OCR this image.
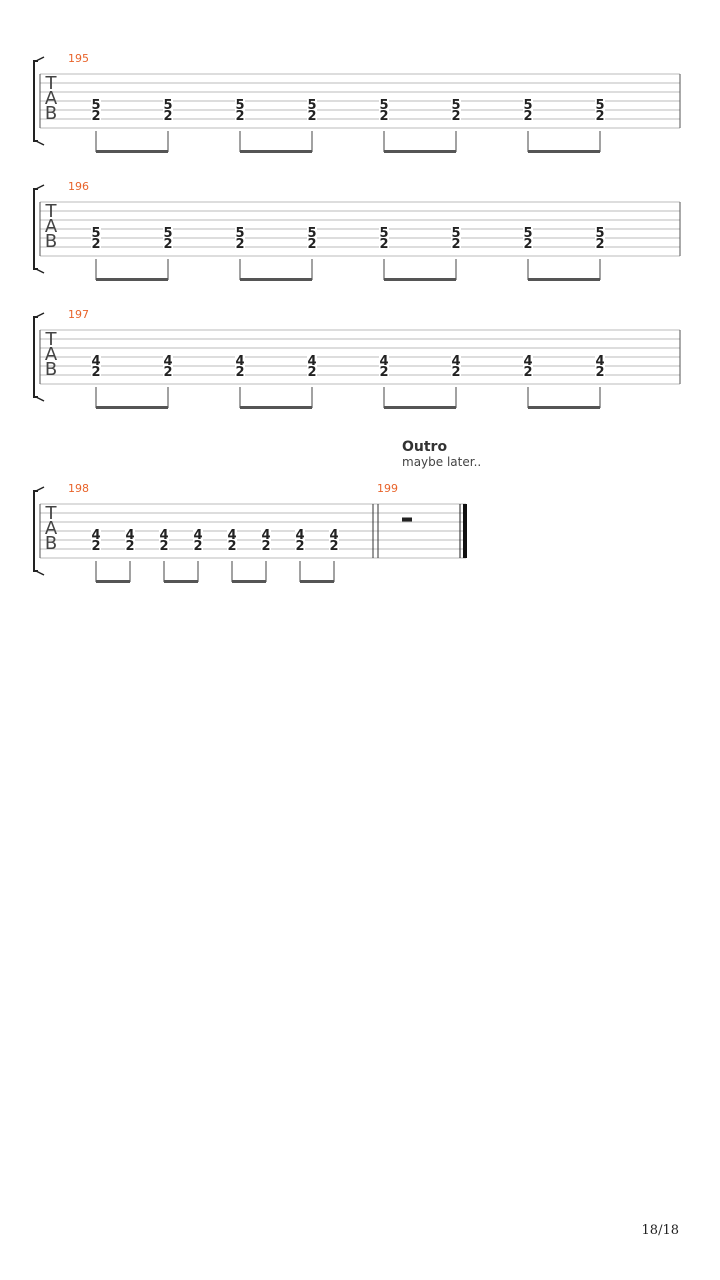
18/18
T
A
B
195
5
2
5
2
5
2
5
2
5
2
5
2
5
2
5
2
T
A
B
196
5
2
5
2
5
2
5
2
5
2
5
2
5
2
5
2
T
A
B
197
4
2
4
2
4
2
4
2
4
2
4
2
4
2
4
2
T
A
B
198
4
2
4
2
4
2
4
2
4
2
4
2
4
2
4
2
199
Outro
maybe later..
